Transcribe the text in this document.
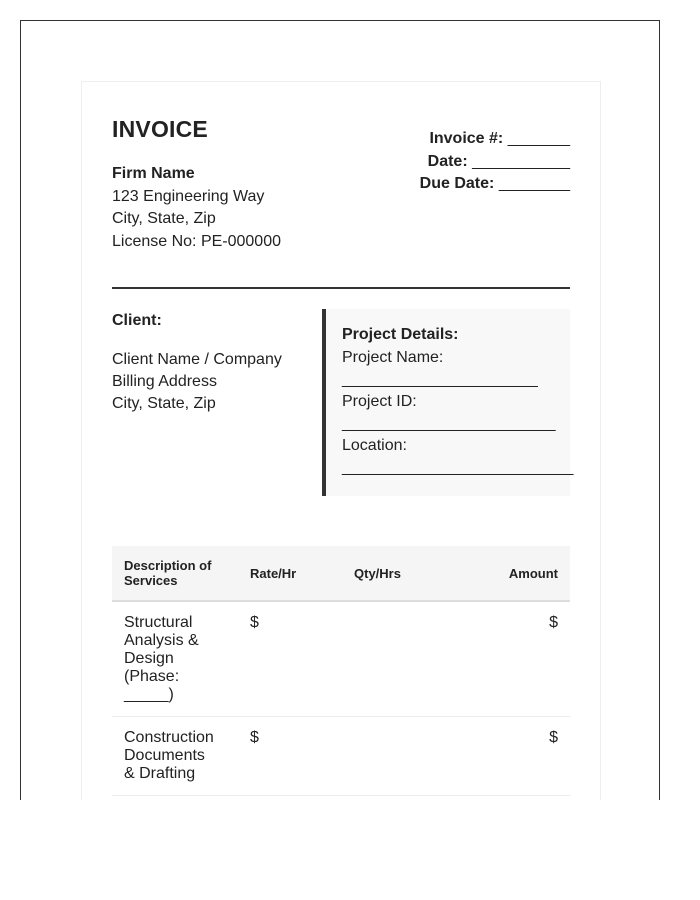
INVOICE
Firm Name
123 Engineering Way
City, State, Zip
License No: PE-000000
Invoice #: _______
Date: ___________
Due Date: ________
Client:
Client Name / Company
Billing Address
City, State, Zip
Project Details:
Project Name:
______________________
Project ID:
________________________
Location:
__________________________
Description of Services	Rate/Hr	Qty/Hrs	Amount

Structural Analysis & Design (Phase: _____)	$		$

Construction Documents & Drafting	$		$
